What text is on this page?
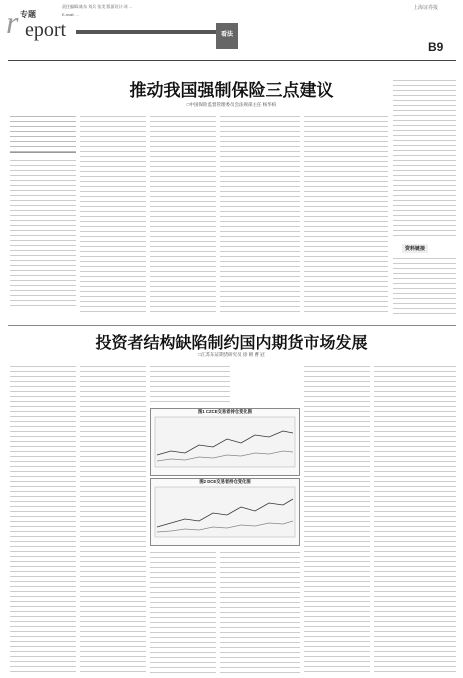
r 专题
eport
责任编辑:陈东 刘兵 张美 版面设计:刘 ...
E-mail: ...
看法
上海证券报
B9
推动我国强制保险三点建议
□中国保险监督管理委员会法规部主任 杨华柏
资料链接
投资者结构缺陷制约国内期货市场发展
□江苏东证期货研究员 徐 朝 曹 冠
图1 CZCE交易者持仓变化图
图2 DCE交易者持仓变化图
